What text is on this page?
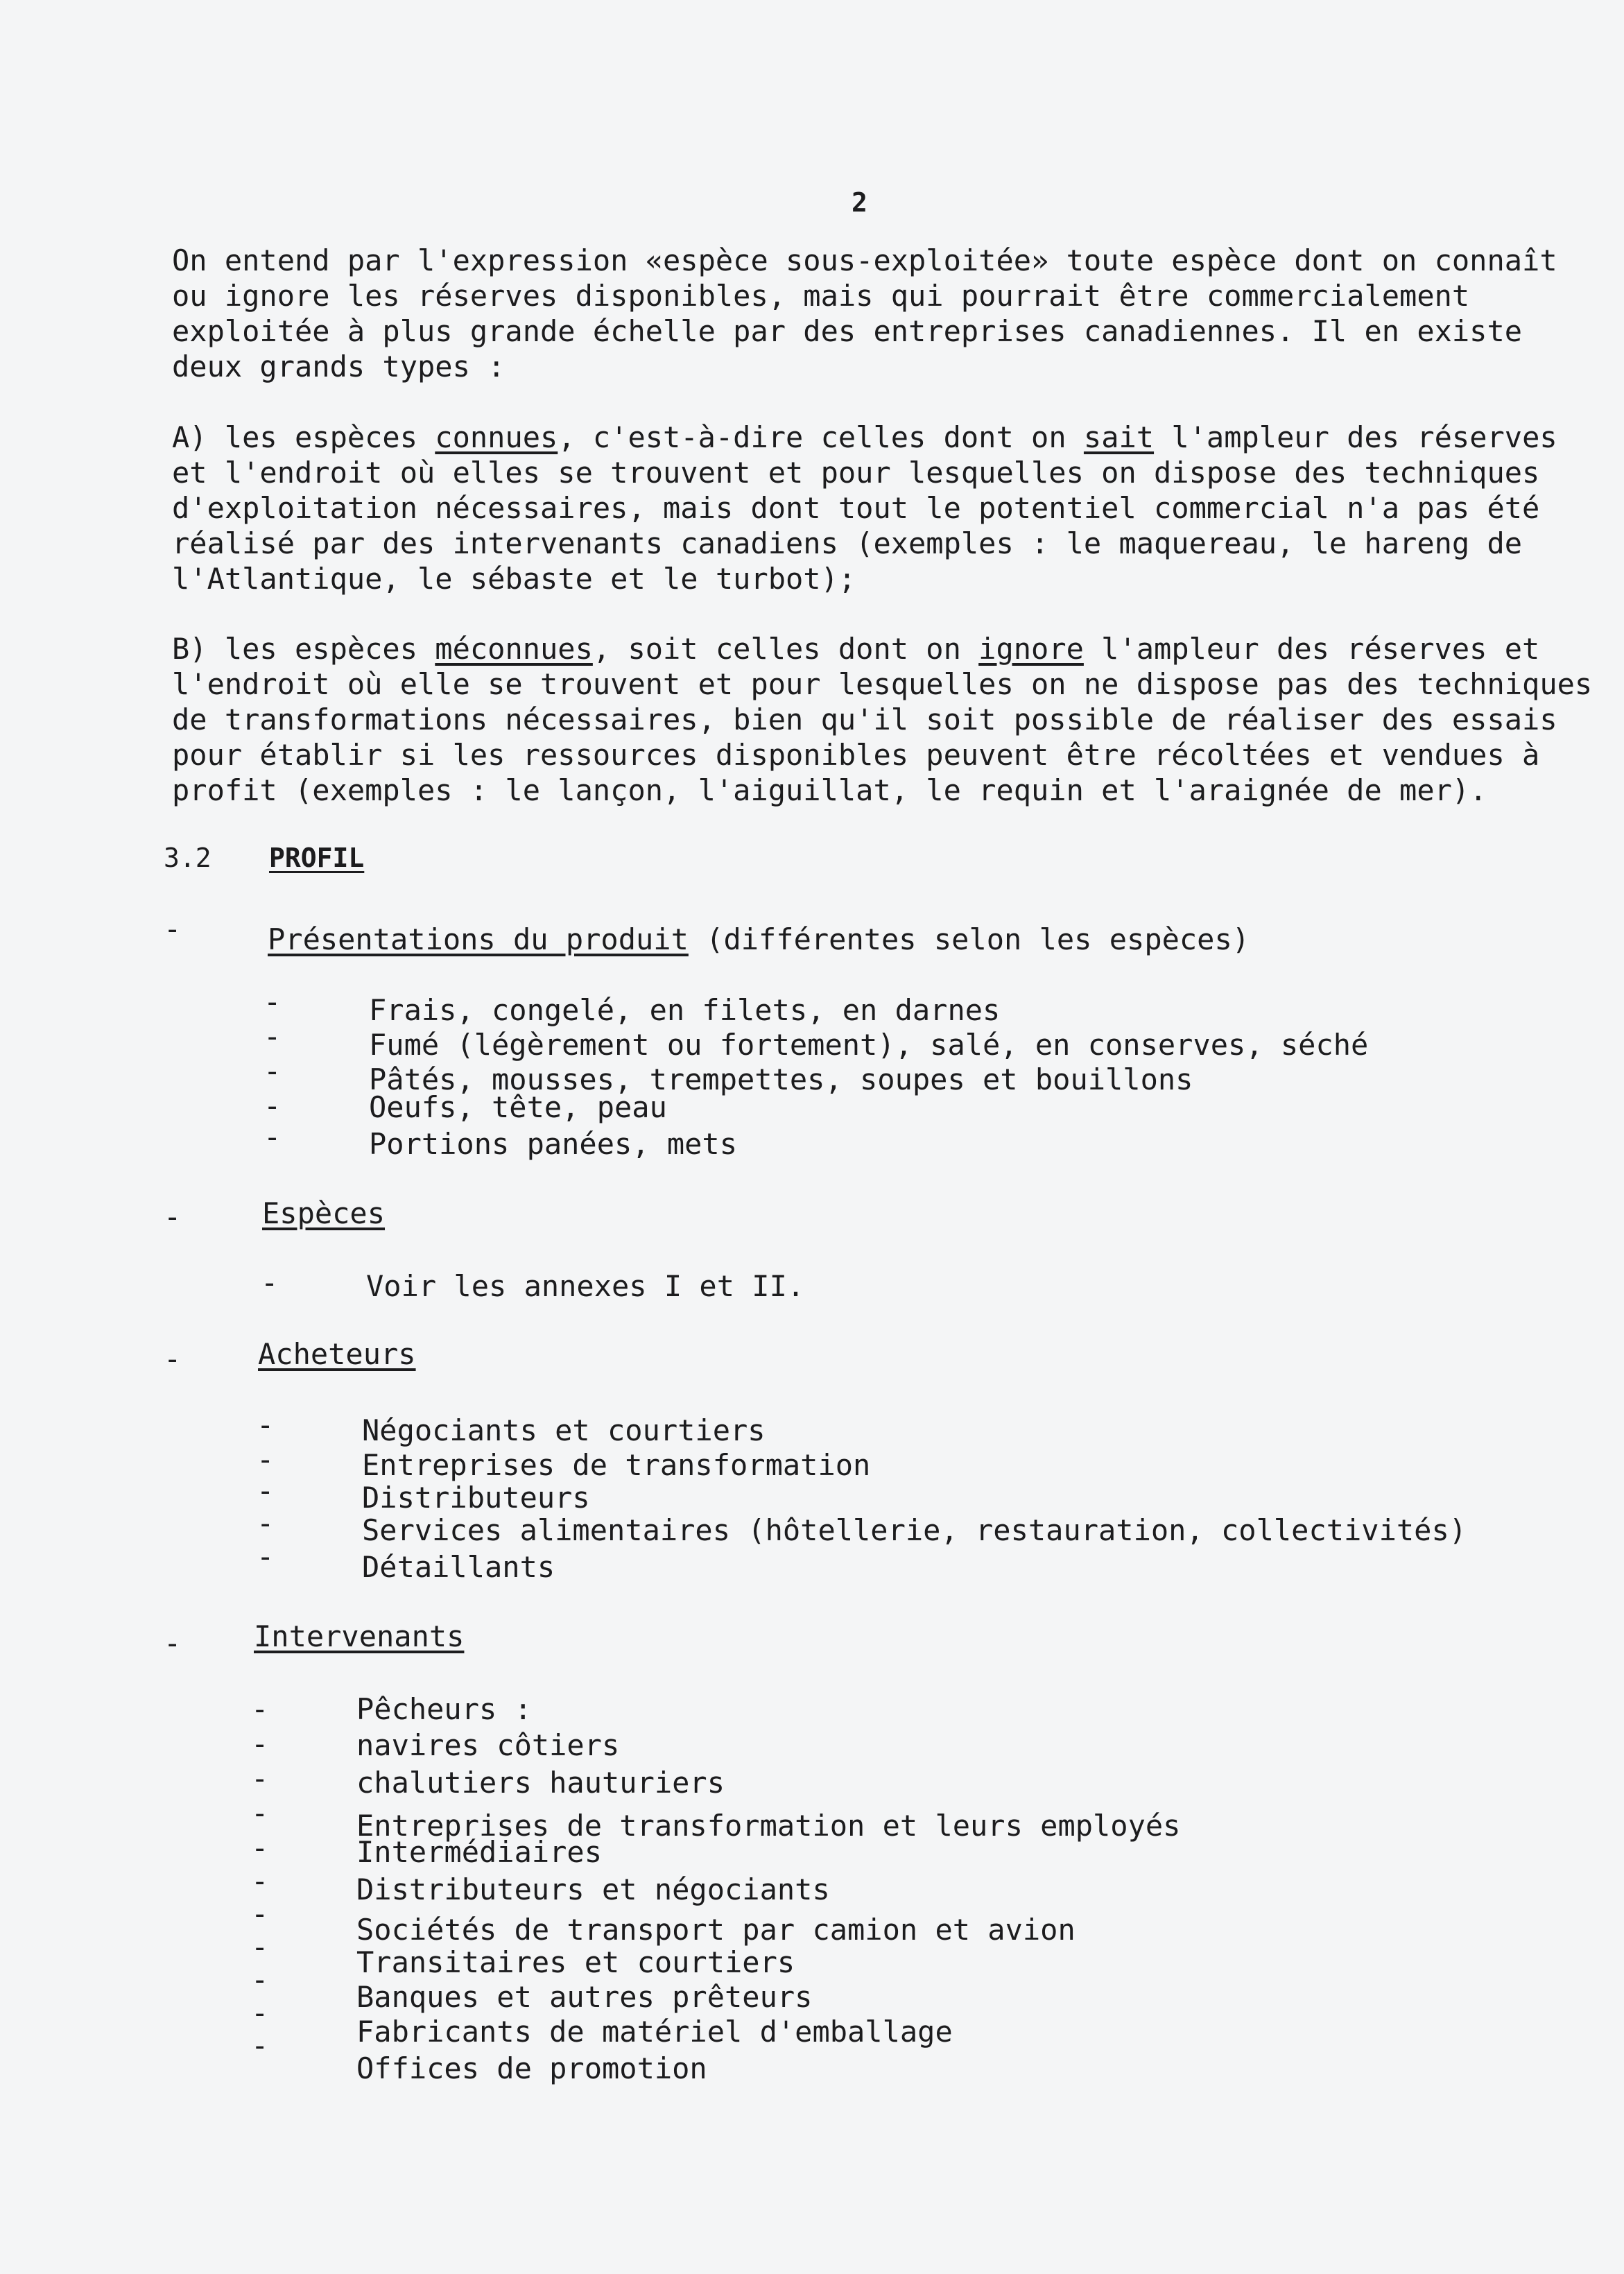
2

On entend par l'expression «espèce sous-exploitée» toute espèce dont on connaît
ou ignore les réserves disponibles, mais qui pourrait être commercialement
exploitée à plus grande échelle par des entreprises canadiennes. Il en existe
deux grands types :

A) les espèces connues, c'est-à-dire celles dont on sait l'ampleur des réserves
et l'endroit où elles se trouvent et pour lesquelles on dispose des techniques
d'exploitation nécessaires, mais dont tout le potentiel commercial n'a pas été
réalisé par des intervenants canadiens (exemples : le maquereau, le hareng de
l'Atlantique, le sébaste et le turbot);

B) les espèces méconnues, soit celles dont on ignore l'ampleur des réserves et
l'endroit où elle se trouvent et pour lesquelles on ne dispose pas des techniques
de transformations nécessaires, bien qu'il soit possible de réaliser des essais
pour établir si les ressources disponibles peuvent être récoltées et vendues à
profit (exemples : le lançon, l'aiguillat, le requin et l'araignée de mer).

3.2 PROFIL
-	Présentations du produit (différentes selon les espèces)
-	Frais, congelé, en filets, en darnes
-	Fumé (légèrement ou fortement), salé, en conserves, séché
-	Pâtés, mousses, trempettes, soupes et bouillons
-	Oeufs, tête, peau
-	Portions panées, mets
-	Espèces
-	Voir les annexes I et II.
-	Acheteurs
-	Négociants et courtiers
-	Entreprises de transformation
-	Distributeurs
-	Services alimentaires (hôtellerie, restauration, collectivités)
-	Détaillants
- Intervenants
-	Pêcheurs :
-	navires côtiers
-	chalutiers hauturiers
-	Entreprises de transformation et leurs employés
-	Intermédiaires
-	Distributeurs et négociants
-	Sociétés de transport par camion et avion
-	Transitaires et courtiers
-
Banques et autres prêteurs
-
Fabricants de matériel d'emballage
-
Offices de promotion
